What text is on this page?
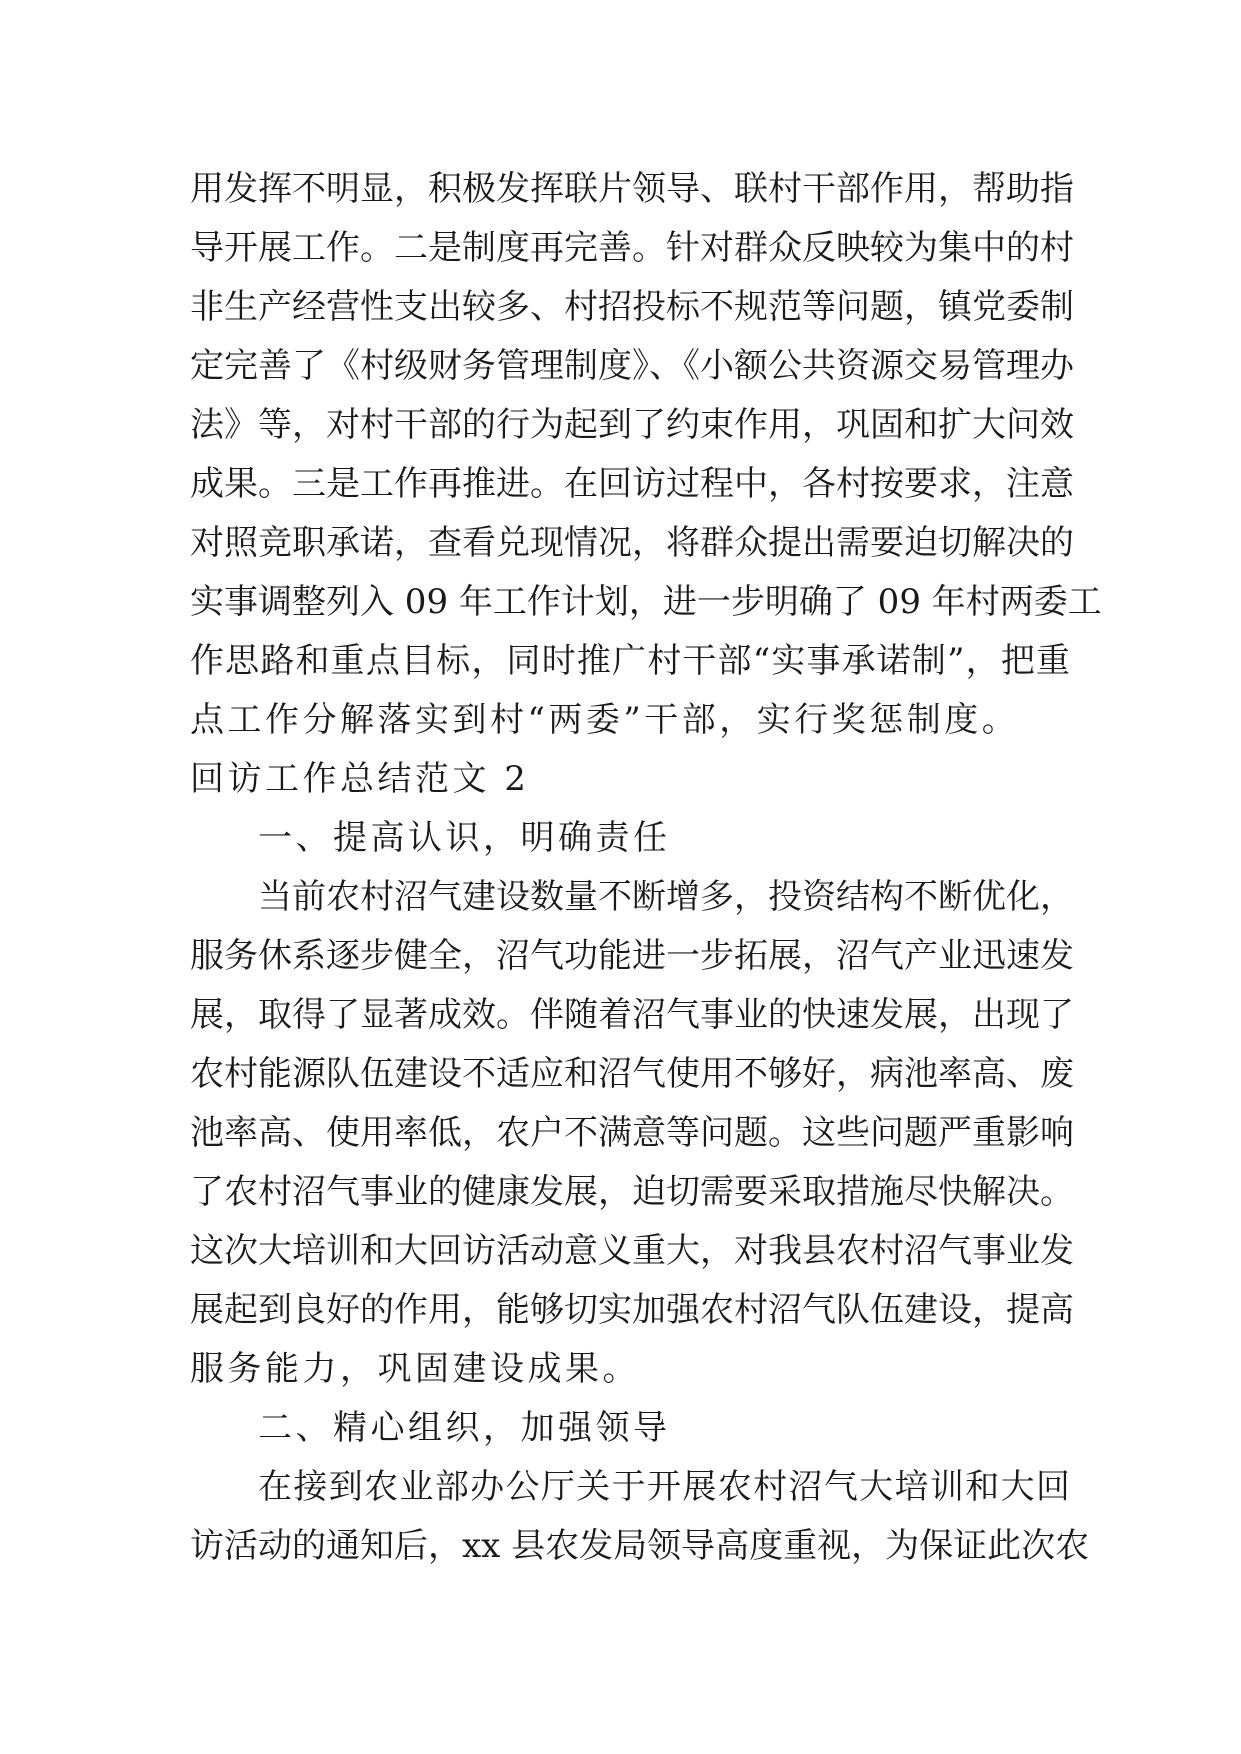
用发挥不明显，积极发挥联片领导、联村干部作用，帮助指
导开展工作。二是制度再完善。针对群众反映较为集中的村
非生产经营性支出较多、村招投标不规范等问题，镇党委制
定完善了《村级财务管理制度》、《小额公共资源交易管理办
法》等，对村干部的行为起到了约束作用，巩固和扩大问效
成果。三是工作再推进。在回访过程中，各村按要求，注意
对照竞职承诺，查看兑现情况，将群众提出需要迫切解决的
实事调整列入 09 年工作计划，进一步明确了 09 年村两委工
作思路和重点目标，同时推广村干部“实事承诺制”，把重
点工作分解落实到村“两委”干部，实行奖惩制度。
回访工作总结范文 2
一、提高认识，明确责任
当前农村沼气建设数量不断增多，投资结构不断优化，
服务休系逐步健全，沼气功能进一步拓展，沼气产业迅速发
展，取得了显著成效。伴随着沼气事业的快速发展，出现了
农村能源队伍建设不适应和沼气使用不够好，病池率高、废
池率高、使用率低，农户不满意等问题。这些问题严重影响
了农村沼气事业的健康发展，迫切需要采取措施尽快解决。
这次大培训和大回访活动意义重大，对我县农村沼气事业发
展起到良好的作用，能够切实加强农村沼气队伍建设，提高
服务能力，巩固建设成果。
二、精心组织，加强领导
在接到农业部办公厅关于开展农村沼气大培训和大回
访活动的通知后，xx 县农发局领导高度重视，为保证此次农
